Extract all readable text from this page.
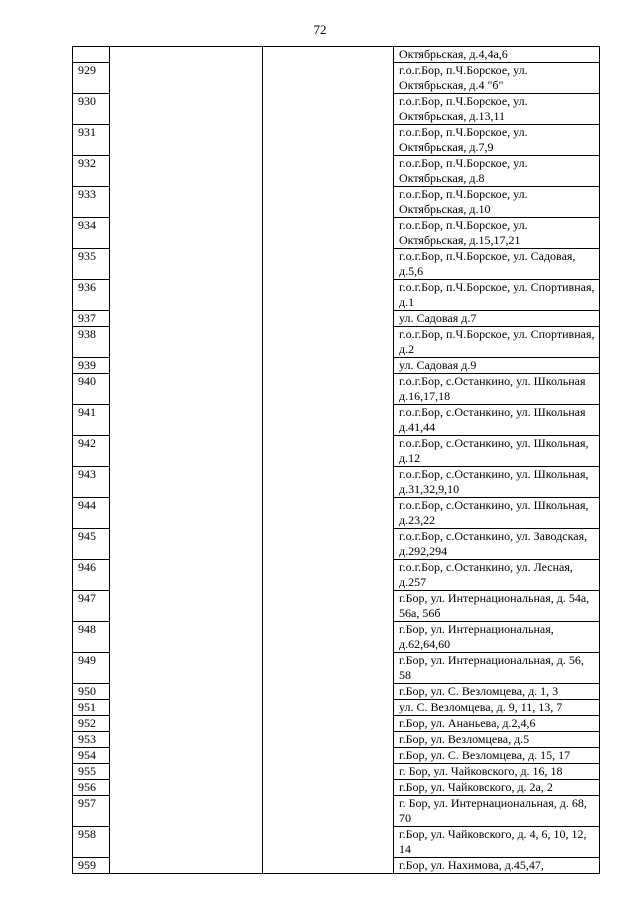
72
			Октябрьская, д.4,4а,6
929			г.о.г.Бор, п.Ч.Борское, ул. Октябрьская, д.4 "б"
930			г.о.г.Бор, п.Ч.Борское, ул. Октябрьская, д.13,11
931			г.о.г.Бор, п.Ч.Борское, ул. Октябрьская, д.7,9
932			г.о.г.Бор, п.Ч.Борское, ул. Октябрьская, д.8
933			г.о.г.Бор, п.Ч.Борское, ул. Октябрьская, д.10
934			г.о.г.Бор, п.Ч.Борское, ул. Октябрьская, д.15,17,21
935			г.о.г.Бор, п.Ч.Борское, ул. Садовая, д.5,6
936			г.о.г.Бор, п.Ч.Борское, ул. Спортивная, д.1
937			ул. Садовая д.7
938			г.о.г.Бор, п.Ч.Борское, ул. Спортивная, д.2
939			ул. Садовая д.9
940			г.о.г.Бор, с.Останкино, ул. Школьная д.16,17,18
941			г.о.г.Бор, с.Останкино, ул. Школьная д.41,44
942			г.о.г.Бор, с.Останкино, ул. Школьная, д.12
943			г.о.г.Бор, с.Останкино, ул. Школьная, д.31,32,9,10
944			г.о.г.Бор, с.Останкино, ул. Школьная, д.23,22
945			г.о.г.Бор, с.Останкино, ул. Заводская, д.292,294
946			г.о.г.Бор, с.Останкино, ул. Лесная, д.257
947			г.Бор, ул. Интернациональная, д. 54а, 56а, 56б
948			г.Бор, ул. Интернациональная, д.62,64,60
949			г.Бор, ул. Интернациональная, д. 56, 58
950			г.Бор, ул. С. Везломцева, д. 1, 3
951			ул. С. Везломцева, д. 9, 11, 13, 7
952			г.Бор, ул. Ананьева, д.2,4,6
953			г.Бор, ул. Везломцева, д.5
954			г.Бор, ул. С. Везломцева, д. 15, 17
955			г. Бор, ул. Чайковского, д. 16, 18
956			г.Бор, ул. Чайковского, д. 2а, 2
957			г. Бор, ул. Интернациональная, д. 68, 70
958			г.Бор, ул. Чайковского, д. 4, 6, 10, 12, 14
959			г.Бор, ул. Нахимова, д.45,47,
